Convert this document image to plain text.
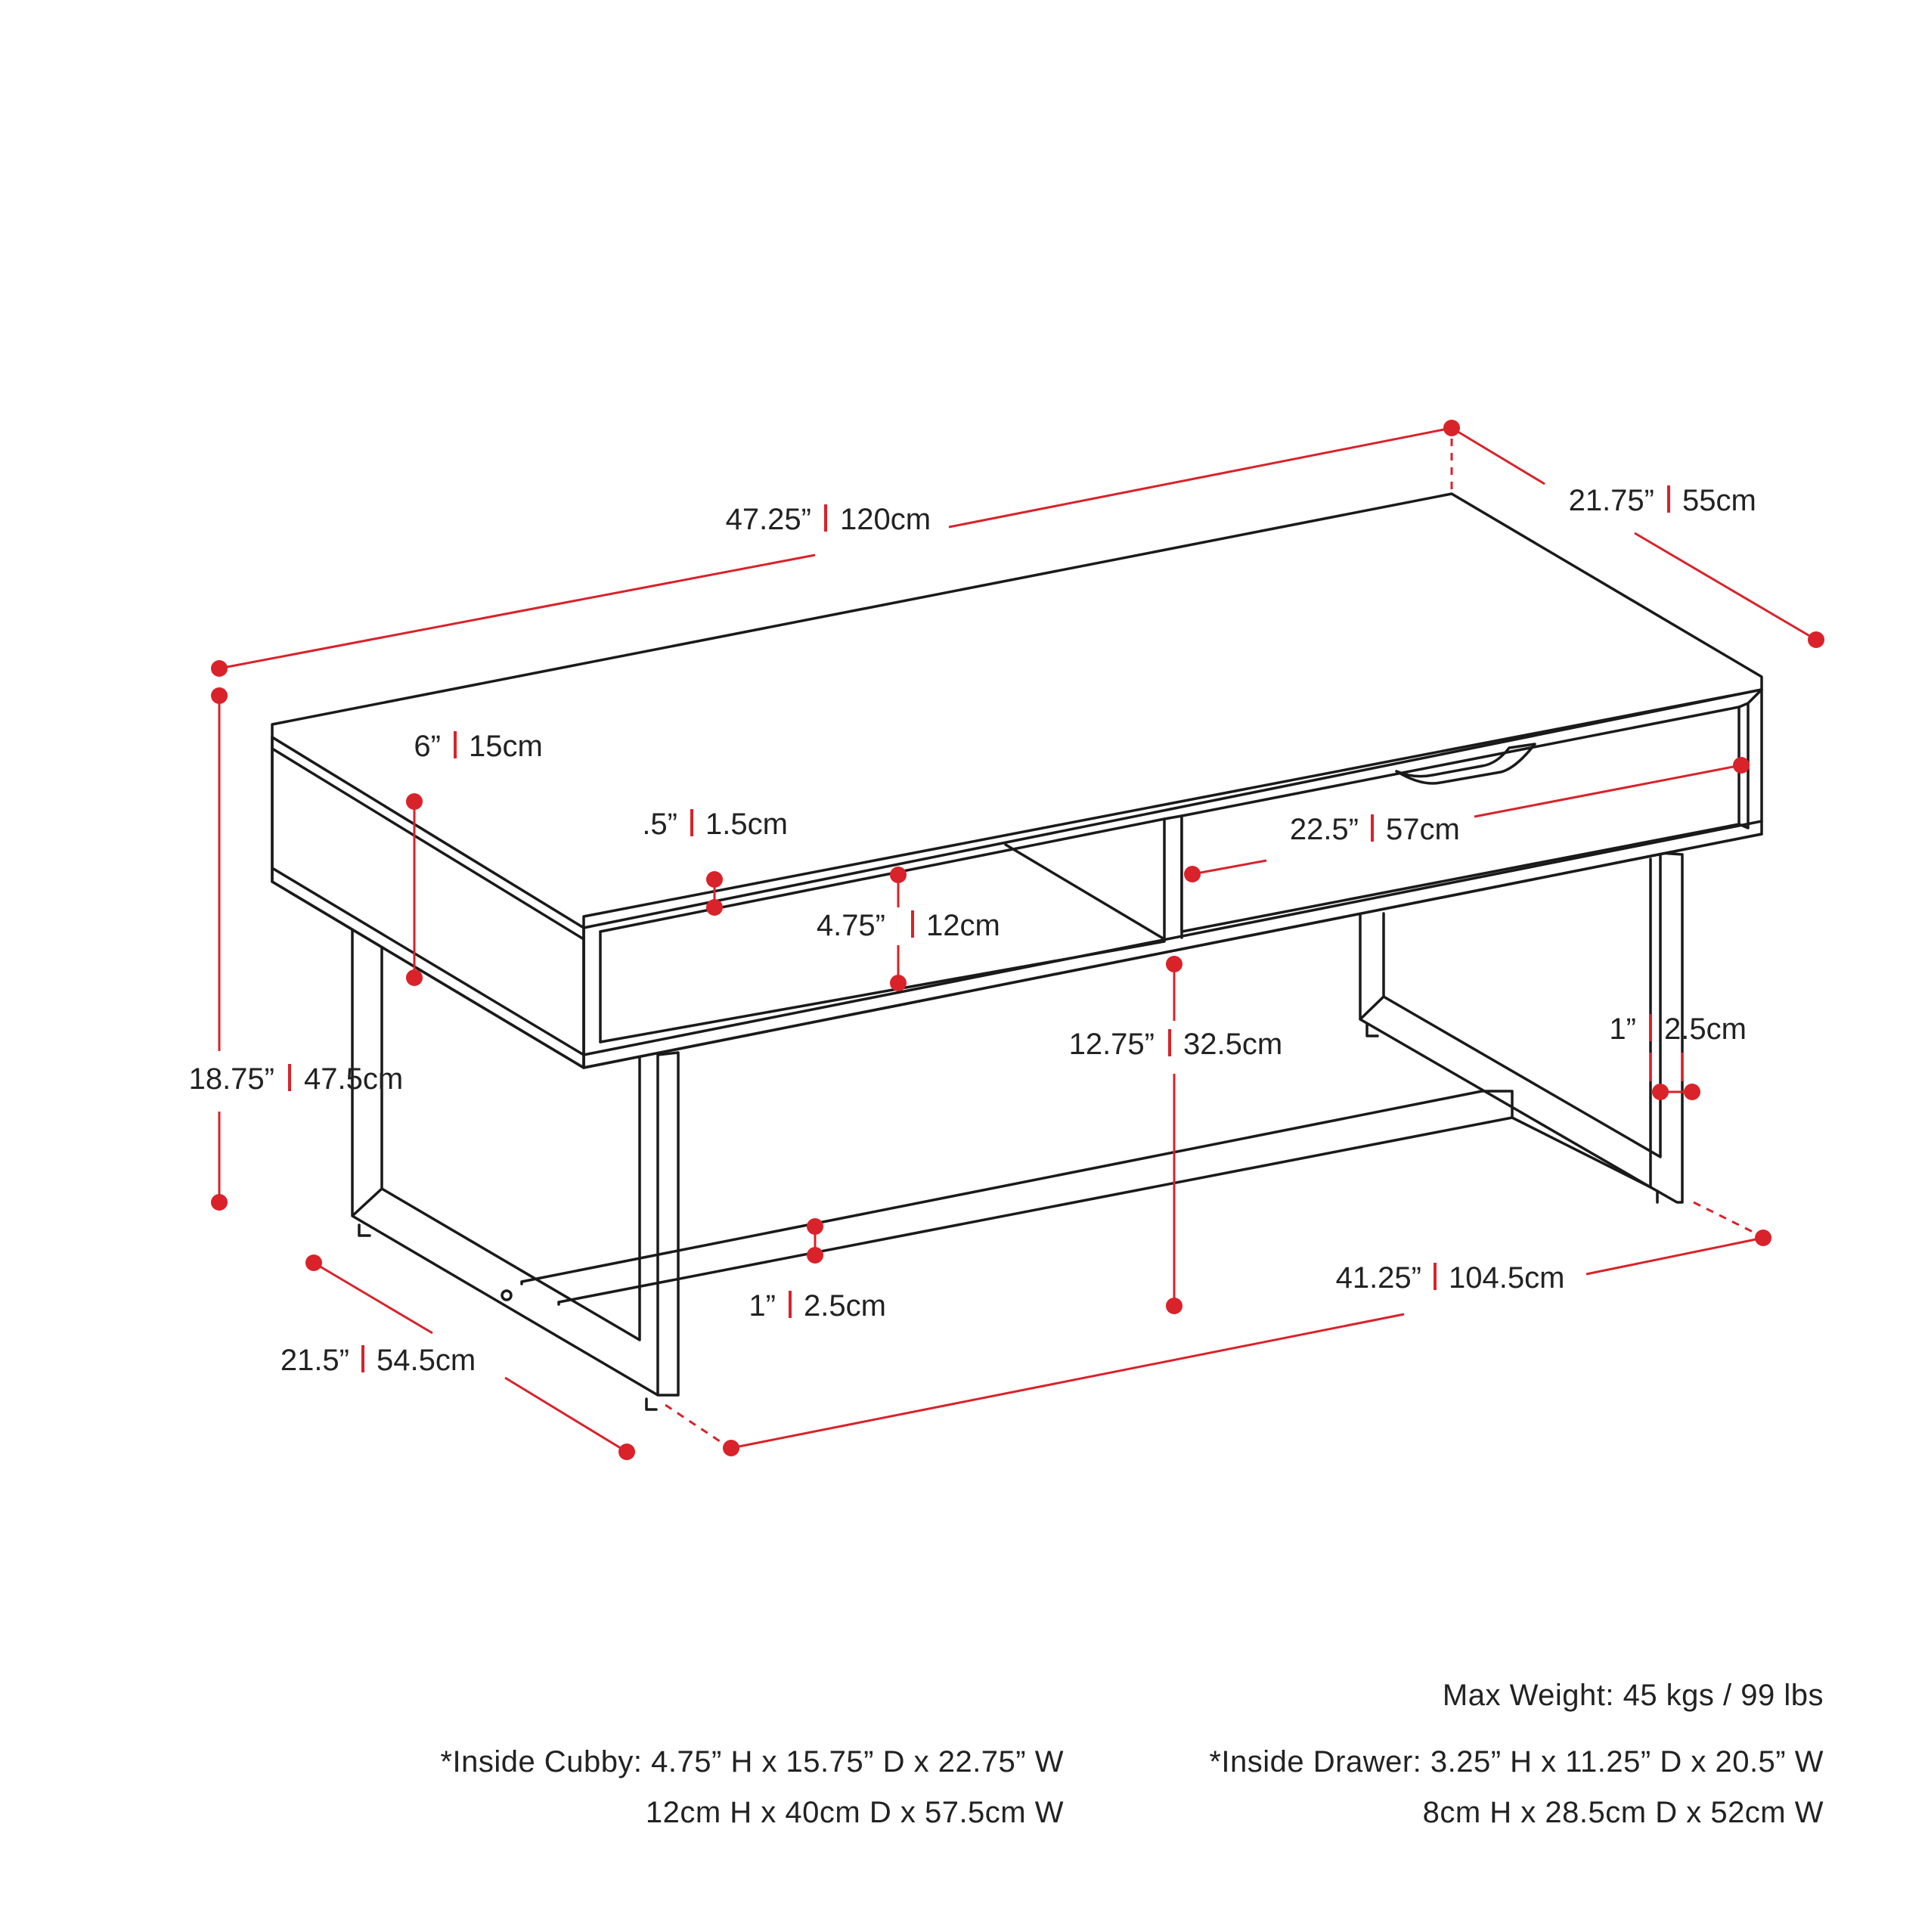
47.25” 120cm
21.75” 55cm
18.75” 47.5cm
6” 15cm
.5” 1.5cm
4.75” 12cm
22.5” 57cm
12.75” 32.5cm	1” 2.5cm
1” 2.5cm
21.5” 54.5cm
41.25” 104.5cm
Max Weight: 45 kgs / 99 lbs
*Inside Cubby: 4.75” H x 15.75” D x 22.75” W
12cm H x 40cm D x 57.5cm W
*Inside Drawer: 3.25” H x 11.25” D x 20.5” W
8cm H x 28.5cm D x 52cm W
